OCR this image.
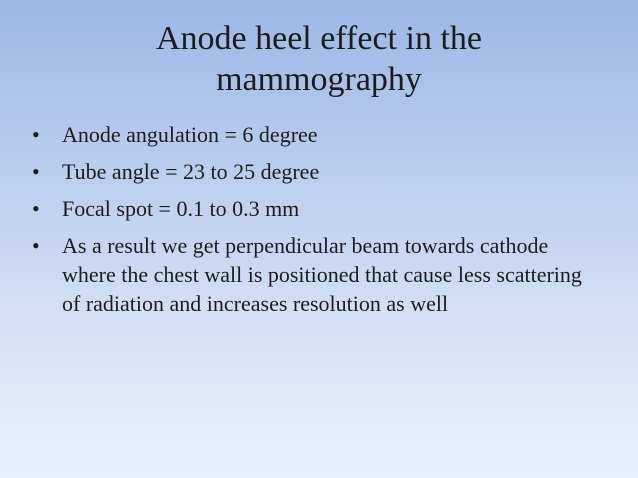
Anode heel effect in the
mammography
•	Anode angulation = 6 degree
•	Tube angle = 23 to 25 degree
•	Focal spot = 0.1 to 0.3 mm
•	As a result we get perpendicular beam towards cathode where the chest wall is positioned that cause less scattering of radiation and increases resolution as well
